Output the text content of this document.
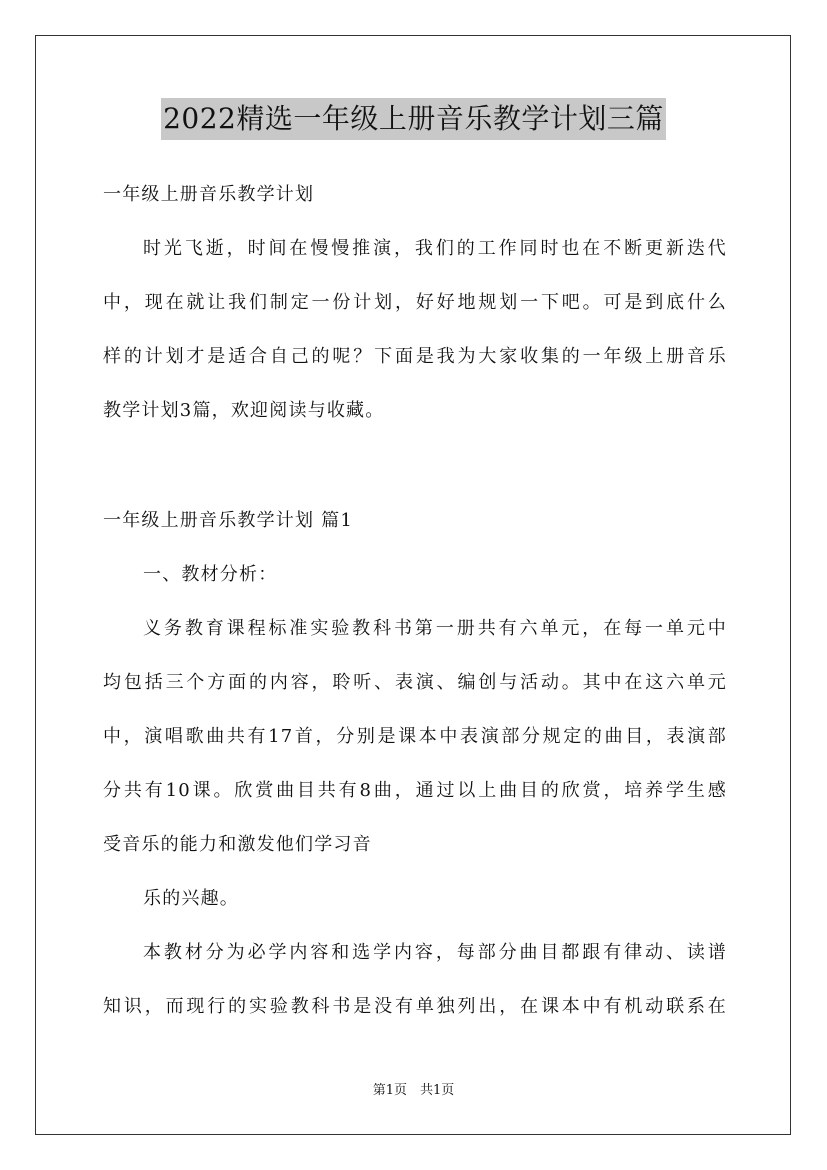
2022精选一年级上册音乐教学计划三篇
一年级上册音乐教学计划
时光飞逝，时间在慢慢推演，我们的工作同时也在不断更新迭代
中，现在就让我们制定一份计划，好好地规划一下吧。可是到底什么
样的计划才是适合自己的呢？下面是我为大家收集的一年级上册音乐
教学计划3篇，欢迎阅读与收藏。
一年级上册音乐教学计划 篇1
一、教材分析：
义务教育课程标准实验教科书第一册共有六单元，在每一单元中
均包括三个方面的内容，聆听、表演、编创与活动。其中在这六单元
中，演唱歌曲共有17首，分别是课本中表演部分规定的曲目，表演部
分共有10课。欣赏曲目共有8曲，通过以上曲目的欣赏，培养学生感
受音乐的能力和激发他们学习音
乐的兴趣。
本教材分为必学内容和选学内容，每部分曲目都跟有律动、读谱
知识，而现行的实验教科书是没有单独列出，在课本中有机动联系在
第1页　共1页
